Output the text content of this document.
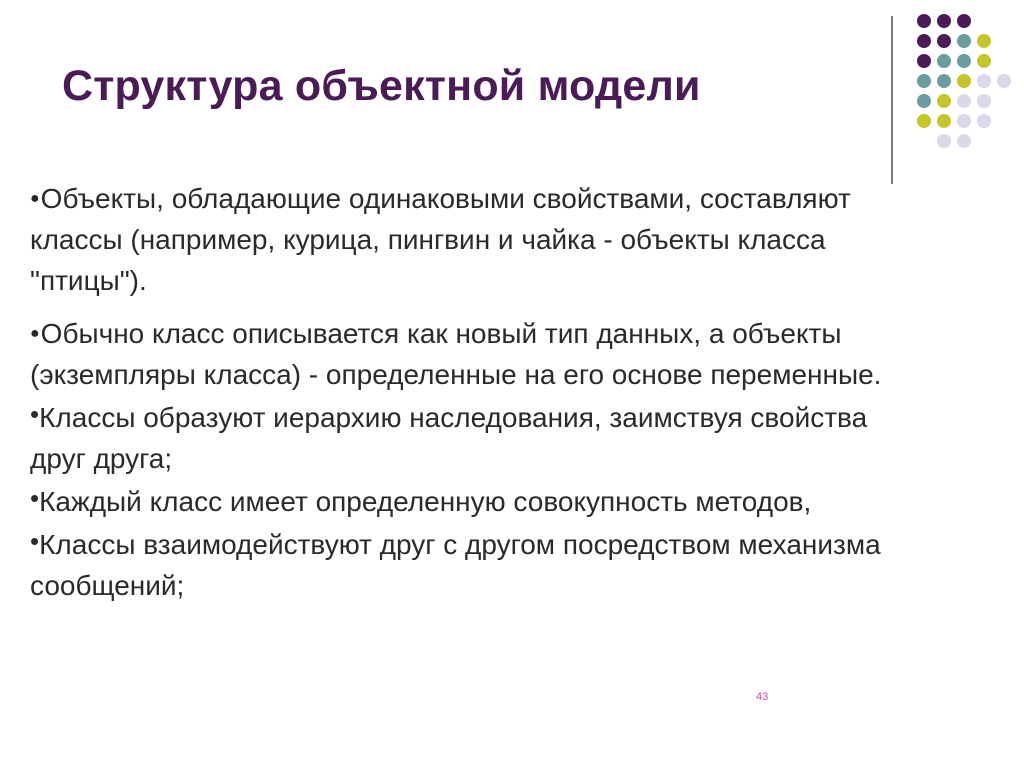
Структура объектной модели
●Объекты, обладающие одинаковыми свойствами, составляют классы (например, курица, пингвин и чайка - объекты класса "птицы").
●Обычно класс описывается как новый тип данных, а объекты (экземпляры класса) - определенные на его основе переменные.
•Классы образуют иерархию наследования, заимствуя свойства друг друга;
•Каждый класс имеет определенную совокупность методов,
•Классы взаимодействуют друг с другом посредством механизма сообщений;
43
